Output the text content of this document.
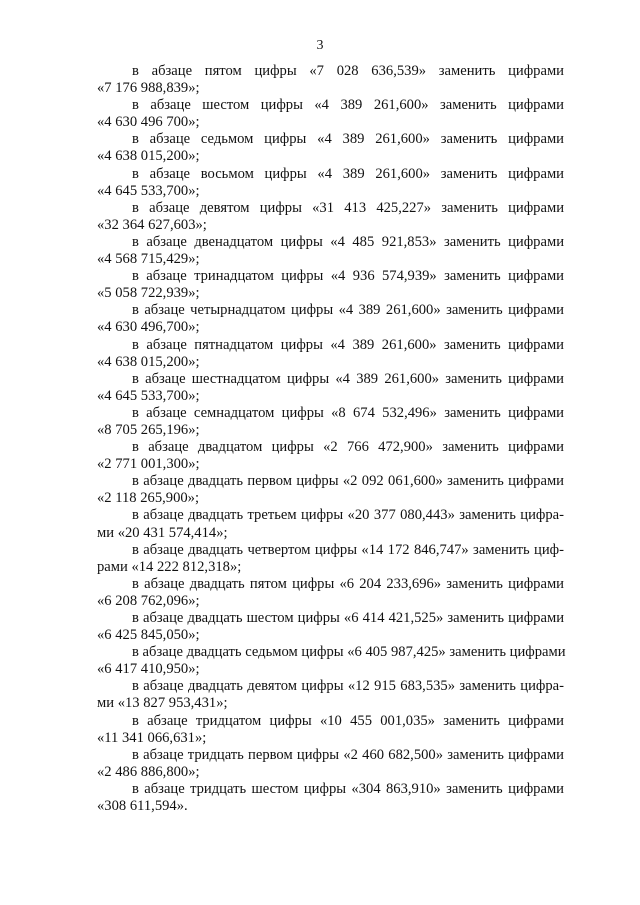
3

в абзаце пятом цифры «7 028 636,539» заменить цифрами
«7 176 988,839»;

в абзаце шестом цифры «4 389 261,600» заменить цифрами
«4 630 496 700»;

в абзаце седьмом цифры «4 389 261,600» заменить цифрами
«4 638 015,200»;

в абзаце восьмом цифры «4 389 261,600» заменить цифрами
«4 645 533,700»;

в абзаце девятом цифры «31 413 425,227» заменить цифрами
«32 364 627,603»;

в абзаце двенадцатом цифры «4 485 921,853» заменить цифрами
«4 568 715,429»;

в абзаце тринадцатом цифры «4 936 574,939» заменить цифрами
«5 058 722,939»;

в абзаце четырнадцатом цифры «4 389 261,600» заменить цифрами
«4 630 496,700»;

в абзаце пятнадцатом цифры «4 389 261,600» заменить цифрами
«4 638 015,200»;

в абзаце шестнадцатом цифры «4 389 261,600» заменить цифрами
«4 645 533,700»;

в абзаце семнадцатом цифры «8 674 532,496» заменить цифрами
«8 705 265,196»;

в абзаце двадцатом цифры «2 766 472,900» заменить цифрами
«2 771 001,300»;

в абзаце двадцать первом цифры «2 092 061,600» заменить цифрами
«2 118 265,900»;

в абзаце двадцать третьем цифры «20 377 080,443» заменить цифра-
ми «20 431 574,414»;

в абзаце двадцать четвертом цифры «14 172 846,747» заменить циф-
рами «14 222 812,318»;

в абзаце двадцать пятом цифры «6 204 233,696» заменить цифрами
«6 208 762,096»;

в абзаце двадцать шестом цифры «6 414 421,525» заменить цифрами
«6 425 845,050»;

в абзаце двадцать седьмом цифры «6 405 987,425» заменить цифрами
«6 417 410,950»;

в абзаце двадцать девятом цифры «12 915 683,535» заменить цифра-
ми «13 827 953,431»;

в абзаце тридцатом цифры «10 455 001,035» заменить цифрами
«11 341 066,631»;

в абзаце тридцать первом цифры «2 460 682,500» заменить цифрами
«2 486 886,800»;

в абзаце тридцать шестом цифры «304 863,910» заменить цифрами
«308 611,594».
